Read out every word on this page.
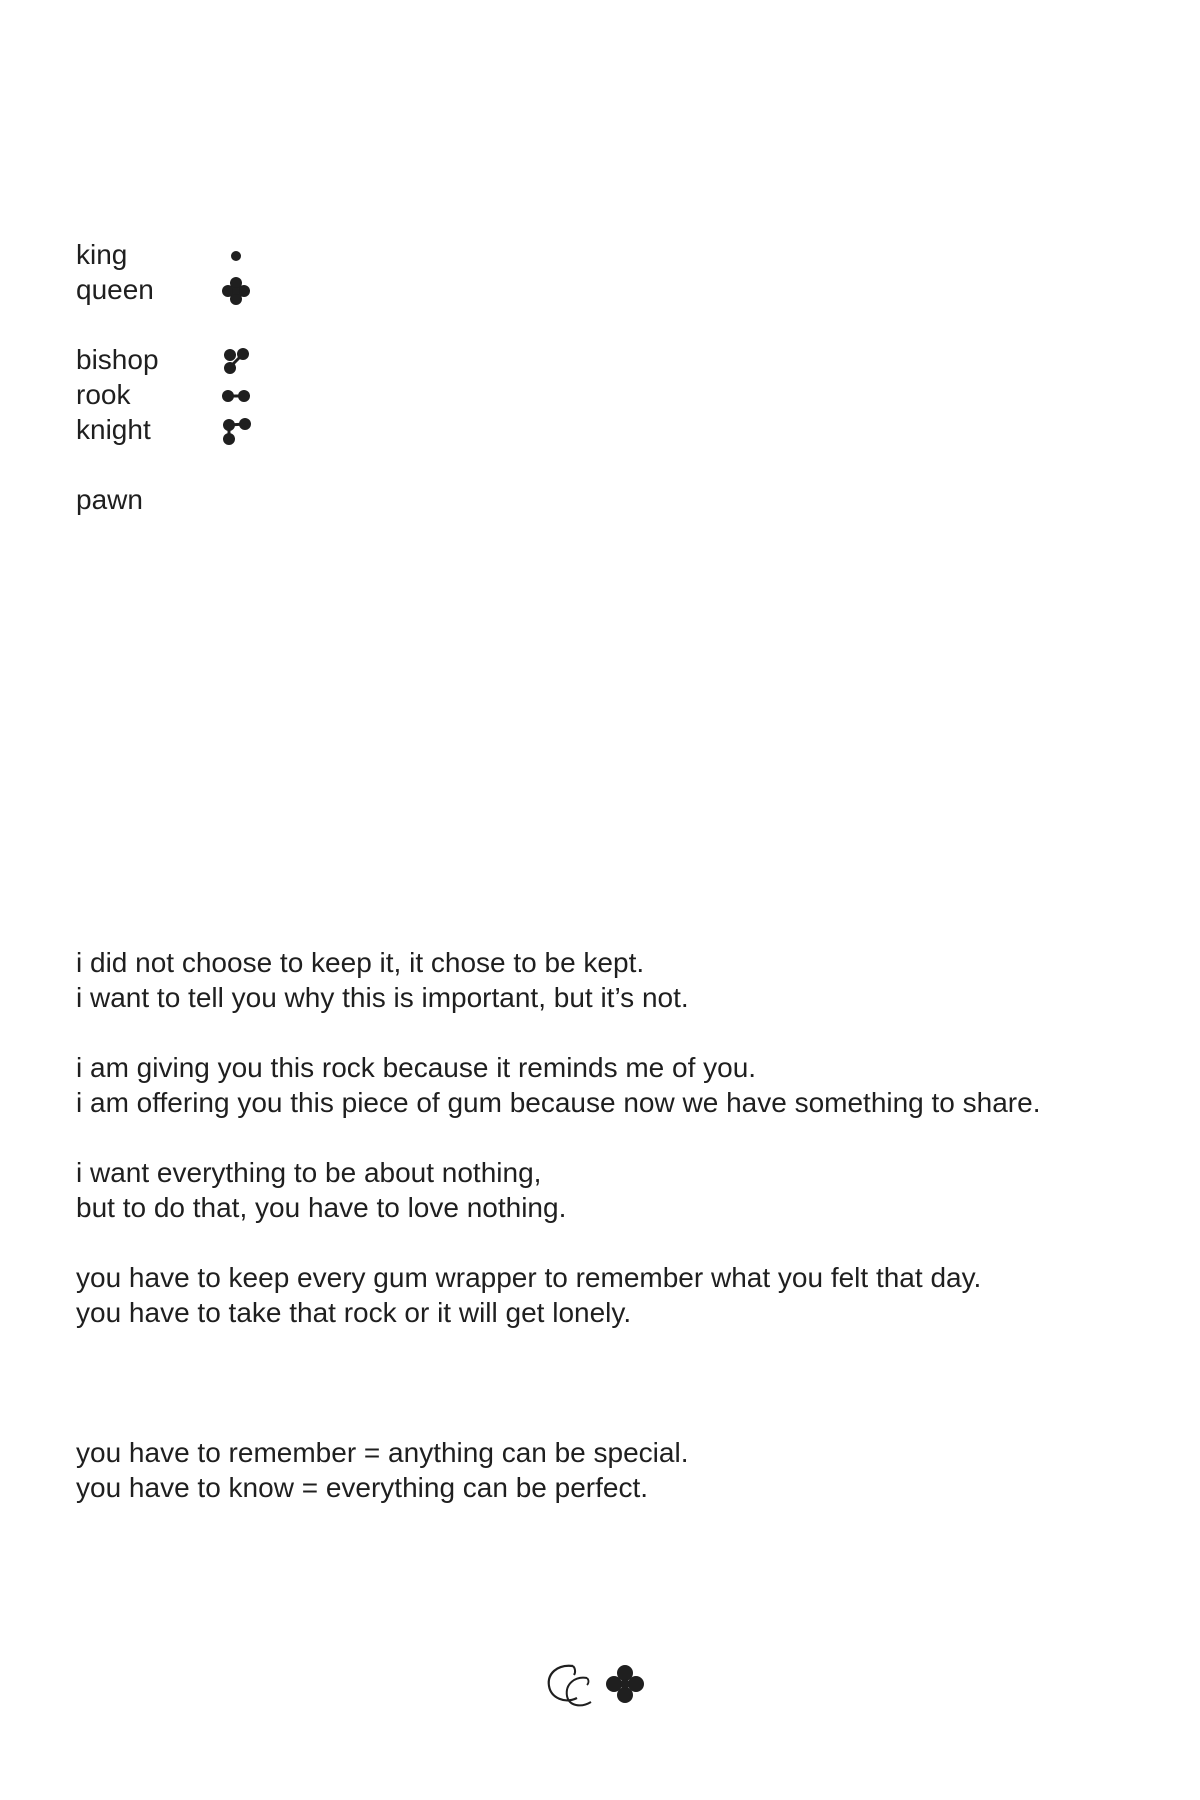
king
queen
bishop
rook
knight
pawn
i did not choose to keep it, it chose to be kept.
i want to tell you why this is important, but it’s not.
i am giving you this rock because it reminds me of you.
i am offering you this piece of gum because now we have something to share.
i want everything to be about nothing,
but to do that, you have to love nothing.
you have to keep every gum wrapper to remember what you felt that day.
you have to take that rock or it will get lonely.
you have to remember = anything can be special.
you have to know = everything can be perfect.
